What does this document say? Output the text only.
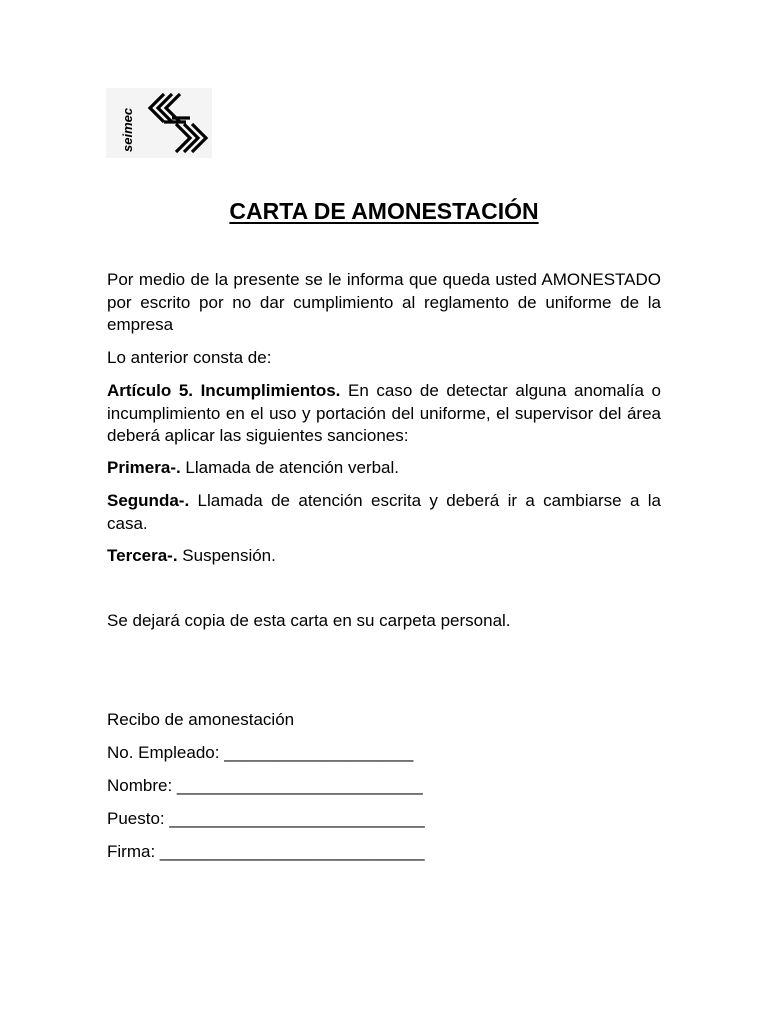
seimec
CARTA DE AMONESTACIÓN

Por medio de la presente se le informa que queda usted AMONESTADO por escrito por no dar cumplimiento al reglamento de uniforme de la empresa

Lo anterior consta de:

Artículo 5. Incumplimientos. En caso de detectar alguna anomalía o incumplimiento en el uso y portación del uniforme, el supervisor del área deberá aplicar las siguientes sanciones:

Primera-. Llamada de atención verbal.

Segunda-. Llamada de atención escrita y deberá ir a cambiarse a la casa.

Tercera-. Suspensión.

Se dejará copia de esta carta en su carpeta personal.

Recibo de amonestación

No. Empleado: ____________________

Nombre: __________________________

Puesto: ___________________________

Firma: ____________________________
